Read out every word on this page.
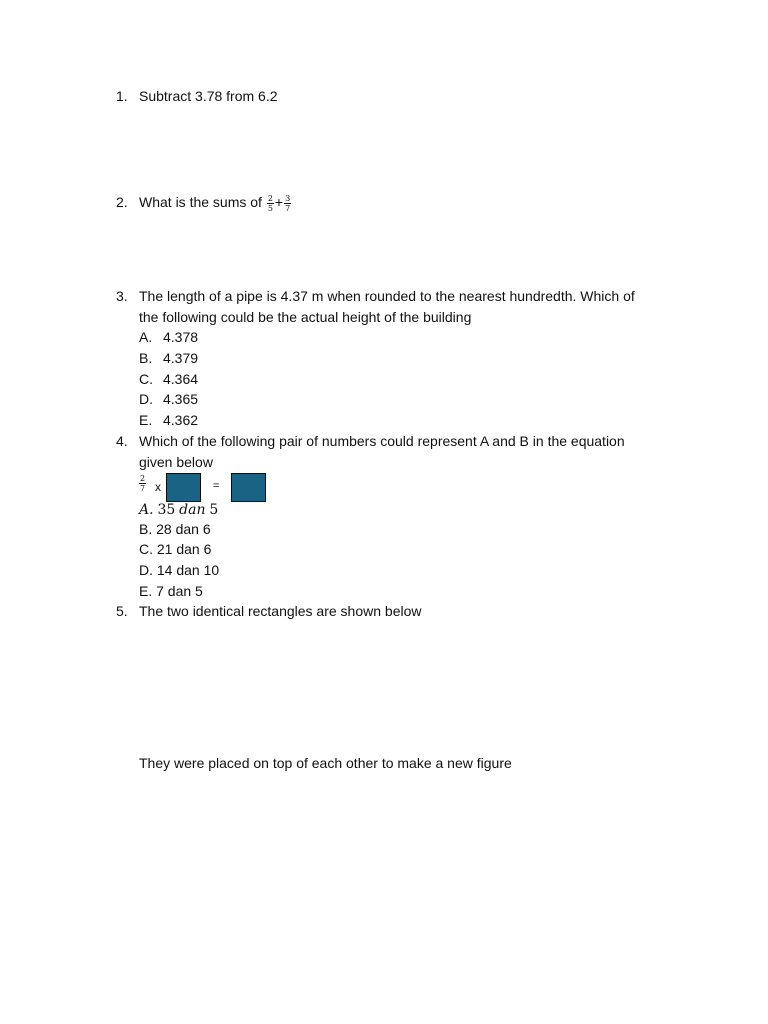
1. Subtract 3.78 from 6.2
2. What is the sums of $\frac{2}{5} + \frac{3}{7}$
3. The length of a pipe is 4.37 m when rounded to the nearest hundredth. Which of
the following could be the actual height of the building
A. 4.378
B. 4.379
C. 4.364
D. 4.365
E. 4.362
4. Which of the following pair of numbers could represent A and B in the equation
given below
$\frac{2}{7}$ x	=
A. 35 dan 5
B. 28 dan 6
C. 21 dan 6
D. 14 dan 10
E. 7 dan 5
5. The two identical rectangles are shown below
They were placed on top of each other to make a new figure
